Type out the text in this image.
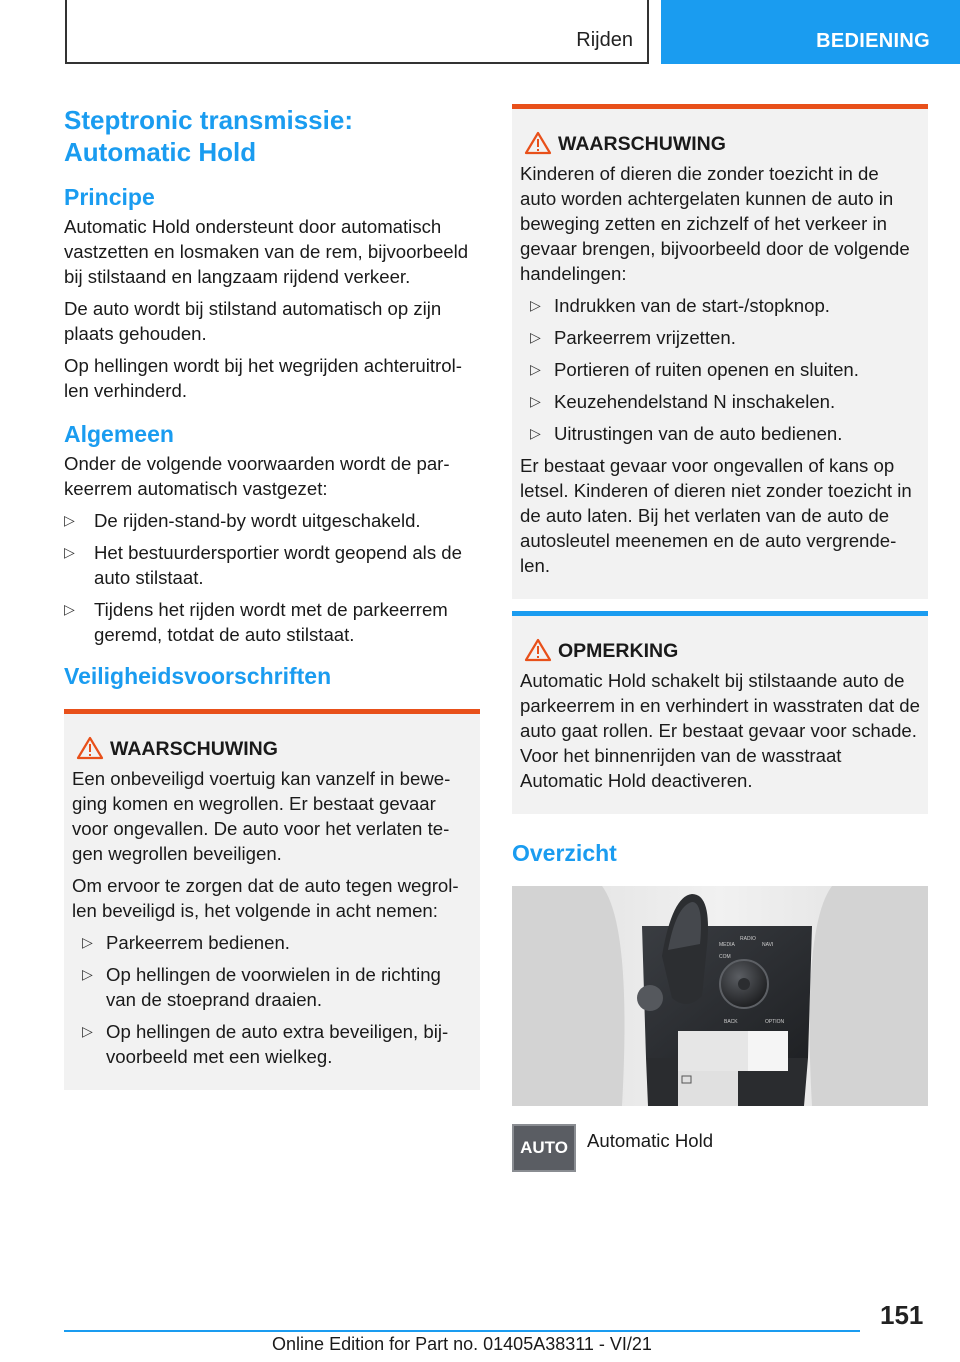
Rijden	BEDIENING
Steptronic transmissie:
Automatic Hold
Principe

Automatic Hold ondersteunt door automatisch vastzetten en losmaken van de rem, bijvoorbeeld bij stilstaand en langzaam rijdend verkeer.

De auto wordt bij stilstand automatisch op zijn plaats gehouden.

Op hellingen wordt bij het wegrijden achteruitrollen verhinderd.

Algemeen

Onder de volgende voorwaarden wordt de parkeerrem automatisch vastgezet:

▷ De rijden-stand-by wordt uitgeschakeld.
▷ Het bestuurdersportier wordt geopend als de auto stilstaat.
▷ Tijdens het rijden wordt met de parkeerrem geremd, totdat de auto stilstaat.
Veiligheidsvoorschriften
WAARSCHUWING

Een onbeveiligd voertuig kan vanzelf in beweging komen en wegrollen. Er bestaat gevaar voor ongevallen. De auto voor het verlaten tegen wegrollen beveiligen.

Om ervoor te zorgen dat de auto tegen wegrollen beveiligd is, het volgende in acht nemen:

▷ Parkeerrem bedienen.
▷ Op hellingen de voorwielen in de richting van de stoeprand draaien.
▷ Op hellingen de auto extra beveiligen, bijvoorbeeld met een wielkeg.
WAARSCHUWING

Kinderen of dieren die zonder toezicht in de auto worden achtergelaten kunnen de auto in beweging zetten en zichzelf of het verkeer in gevaar brengen, bijvoorbeeld door de volgende handelingen:

▷ Indrukken van de start-/stopknop.
▷ Parkeerrem vrijzetten.
▷ Portieren of ruiten openen en sluiten.
▷ Keuzehendelstand N inschakelen.
▷ Uitrustingen van de auto bedienen.

Er bestaat gevaar voor ongevallen of kans op letsel. Kinderen of dieren niet zonder toezicht in de auto laten. Bij het verlaten van de auto de autosleutel meenemen en de auto vergrendelen.

OPMERKING

Automatic Hold schakelt bij stilstaande auto de parkeerrem in en verhindert in wasstraten dat de auto gaat rollen. Er bestaat gevaar voor schade. Voor het binnenrijden van de wasstraat Automatic Hold deactiveren.

Overzicht
MEDIA
RADIO
NAVI
COM
BACK	OPTION
AUTO H
Automatic Hold
151
Online Edition for Part no. 01405A38311 - VI/21
